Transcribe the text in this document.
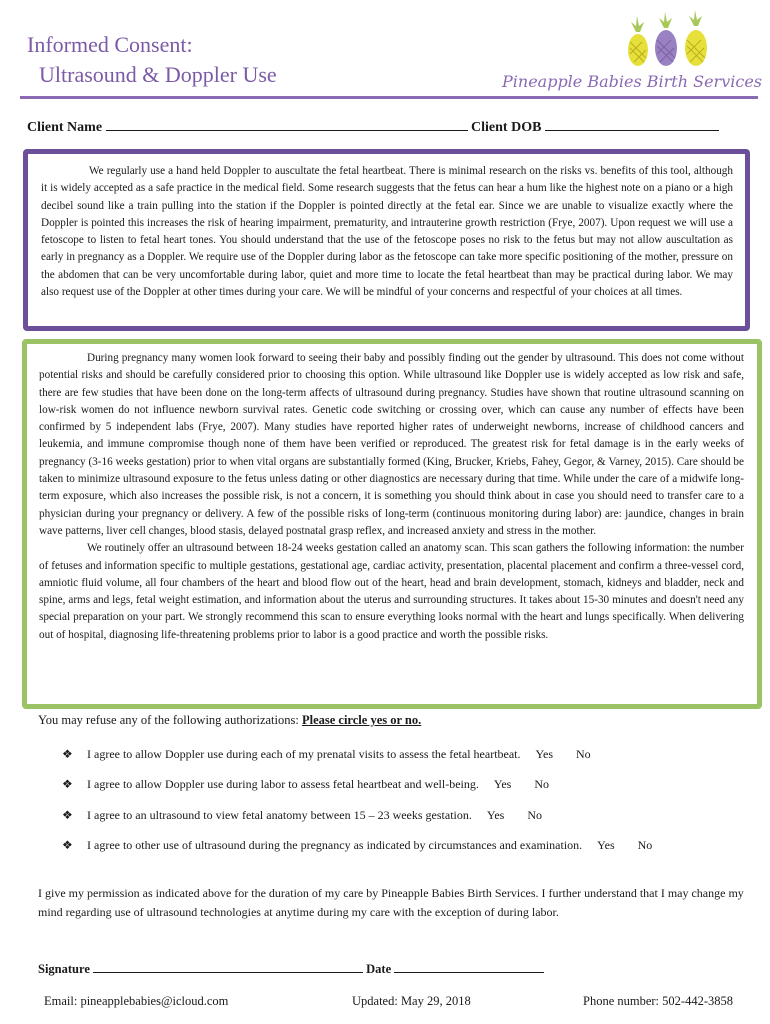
Informed Consent:
Ultrasound & Doppler Use	Pineapple Babies Birth Services
Client Name	Client DOB

We regularly use a hand held Doppler to auscultate the fetal heartbeat. There is minimal research on the risks vs. benefits of this tool, although it is widely accepted as a safe practice in the medical field. Some research suggests that the fetus can hear a hum like the highest note on a piano or a high decibel sound like a train pulling into the station if the Doppler is pointed directly at the fetal ear. Since we are unable to visualize exactly where the Doppler is pointed this increases the risk of hearing impairment, prematurity, and intrauterine growth restriction (Frye, 2007). Upon request we will use a fetoscope to listen to fetal heart tones. You should understand that the use of the fetoscope poses no risk to the fetus but may not allow auscultation as early in pregnancy as a Doppler. We require use of the Doppler during labor as the fetoscope can take more specific positioning of the mother, pressure on the abdomen that can be very uncomfortable during labor, quiet and more time to locate the fetal heartbeat than may be practical during labor. We may also request use of the Doppler at other times during your care. We will be mindful of your concerns and respectful of your choices at all times.

During pregnancy many women look forward to seeing their baby and possibly finding out the gender by ultrasound. This does not come without potential risks and should be carefully considered prior to choosing this option. While ultrasound like Doppler use is widely accepted as low risk and safe, there are few studies that have been done on the long-term affects of ultrasound during pregnancy. Studies have shown that routine ultrasound scanning on low-risk women do not influence newborn survival rates. Genetic code switching or crossing over, which can cause any number of effects have been confirmed by 5 independent labs (Frye, 2007). Many studies have reported higher rates of underweight newborns, increase of childhood cancers and leukemia, and immune compromise though none of them have been verified or reproduced. The greatest risk for fetal damage is in the early weeks of pregnancy (3-16 weeks gestation) prior to when vital organs are substantially formed (King, Brucker, Kriebs, Fahey, Gegor, & Varney, 2015). Care should be taken to minimize ultrasound exposure to the fetus unless dating or other diagnostics are necessary during that time. While under the care of a midwife long-term exposure, which also increases the possible risk, is not a concern, it is something you should think about in case you should need to transfer care to a physician during your pregnancy or delivery. A few of the possible risks of long-term (continuous monitoring during labor) are: jaundice, changes in brain wave patterns, liver cell changes, blood stasis, delayed postnatal grasp reflex, and increased anxiety and stress in the mother.

We routinely offer an ultrasound between 18-24 weeks gestation called an anatomy scan. This scan gathers the following information: the number of fetuses and information specific to multiple gestations, gestational age, cardiac activity, presentation, placental placement and confirm a three-vessel cord, amniotic fluid volume, all four chambers of the heart and blood flow out of the heart, head and brain development, stomach, kidneys and bladder, neck and spine, arms and legs, fetal weight estimation, and information about the uterus and surrounding structures. It takes about 15-30 minutes and doesn't need any special preparation on your part. We strongly recommend this scan to ensure everything looks normal with the heart and lungs specifically. When delivering out of hospital, diagnosing life-threatening problems prior to labor is a good practice and worth the possible risks.

You may refuse any of the following authorizations: Please circle yes or no.
❖ I agree to allow Doppler use during each of my prenatal visits to assess the fetal heartbeat. Yes No
❖ I agree to allow Doppler use during labor to assess fetal heartbeat and well-being. Yes No
❖ I agree to an ultrasound to view fetal anatomy between 15 – 23 weeks gestation. Yes No
❖ I agree to other use of ultrasound during the pregnancy as indicated by circumstances and examination. Yes No
I give my permission as indicated above for the duration of my care by Pineapple Babies Birth Services. I further understand that I may change my mind regarding use of ultrasound technologies at anytime during my care with the exception of during labor.
Signature	Date
Email: pineapplebabies@icloud.com	Updated: May 29, 2018	Phone number: 502-442-3858
